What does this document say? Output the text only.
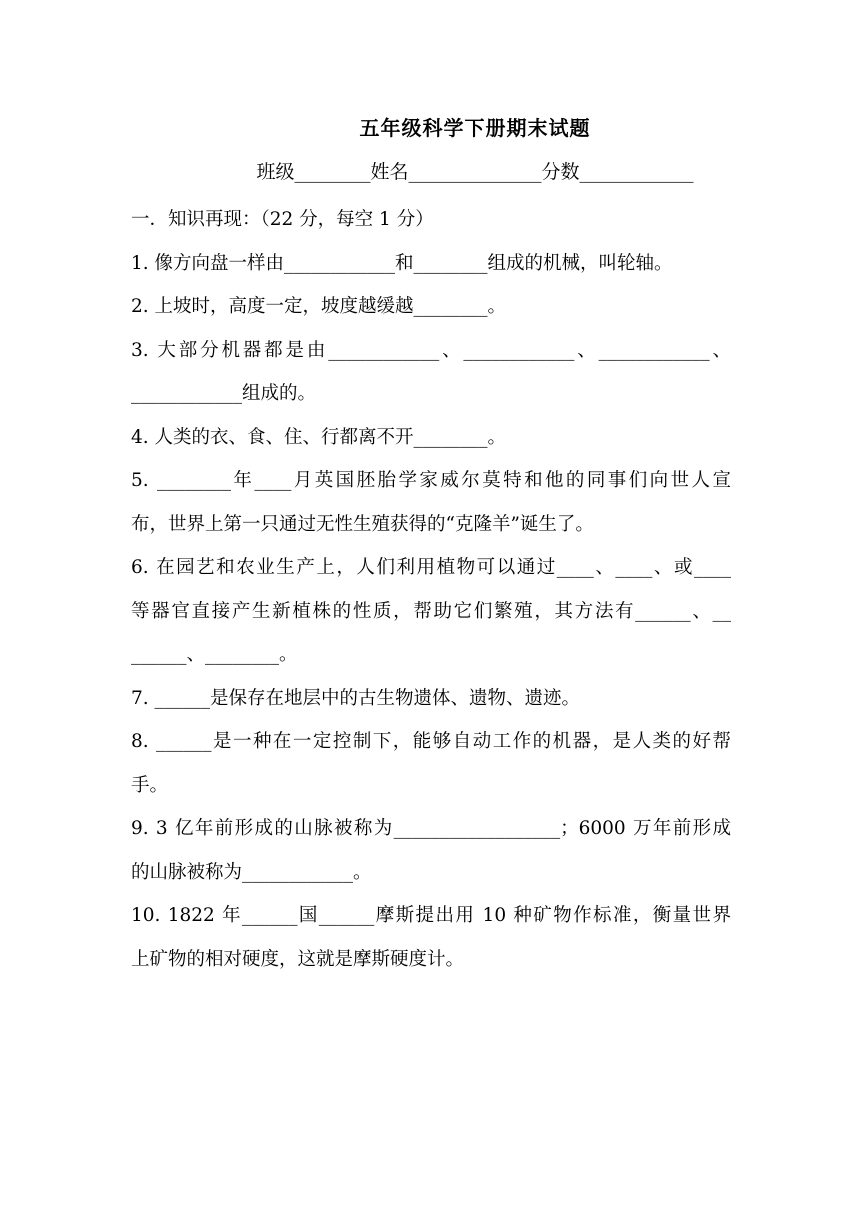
五年级科学下册期末试题
班级________姓名______________分数____________
一．知识再现：（22 分，每空 1 分）
1. 像方向盘一样由____________和________组成的机械，叫轮轴。
2. 上坡时，高度一定，坡度越缓越________。
3. 大部分机器都是由____________、____________、____________、
____________组成的。
4. 人类的衣、食、住、行都离不开________。
5. ________年____月英国胚胎学家威尔莫特和他的同事们向世人宣
布，世界上第一只通过无性生殖获得的“克隆羊”诞生了。
6. 在园艺和农业生产上，人们利用植物可以通过____、____、或____
等器官直接产生新植株的性质，帮助它们繁殖，其方法有______、__
______、________。
7. ______是保存在地层中的古生物遗体、遗物、遗迹。
8. ______是一种在一定控制下，能够自动工作的机器，是人类的好帮
手。
9. 3 亿年前形成的山脉被称为__________________；6000 万年前形成
的山脉被称为____________。
10. 1822 年______国______摩斯提出用 10 种矿物作标准，衡量世界
上矿物的相对硬度，这就是摩斯硬度计。
